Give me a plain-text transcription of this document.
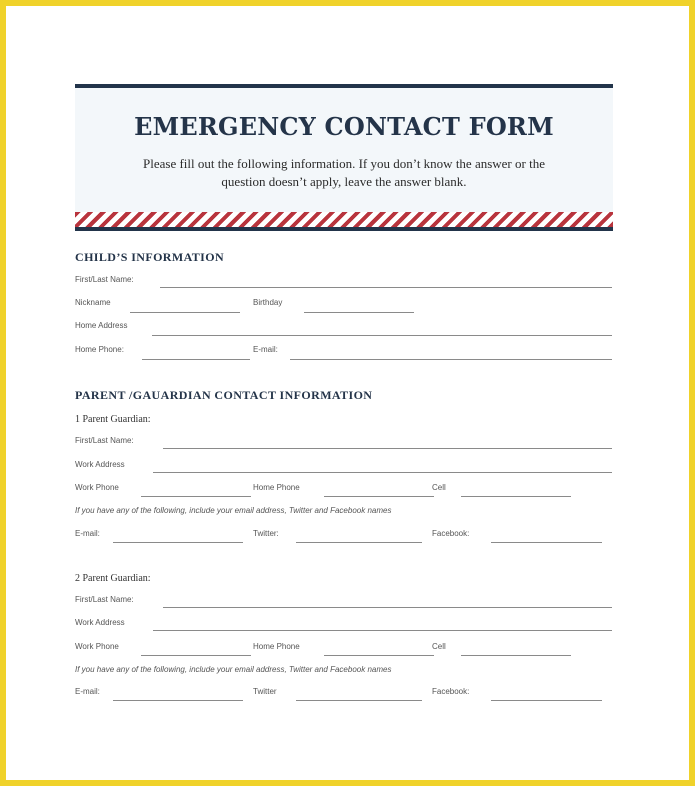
EMERGENCY CONTACT FORM
Please fill out the following information. If you don’t know the answer or the
question doesn’t apply, leave the answer blank.
CHILD’S INFORMATION
First/Last Name:
Nickname	Birthday
Home Address
Home Phone:	E-mail:
PARENT /GAUARDIAN CONTACT INFORMATION
1 Parent Guardian:
First/Last Name:
Work Address
Work Phone	Home Phone	Cell
If you have any of the following, include your email address, Twitter and Facebook names
E-mail:	Twitter:	Facebook:
2 Parent Guardian:
First/Last Name:
Work Address
Work Phone	Home Phone	Cell
If you have any of the following, include your email address, Twitter and Facebook names
E-mail:	Twitter	Facebook:
